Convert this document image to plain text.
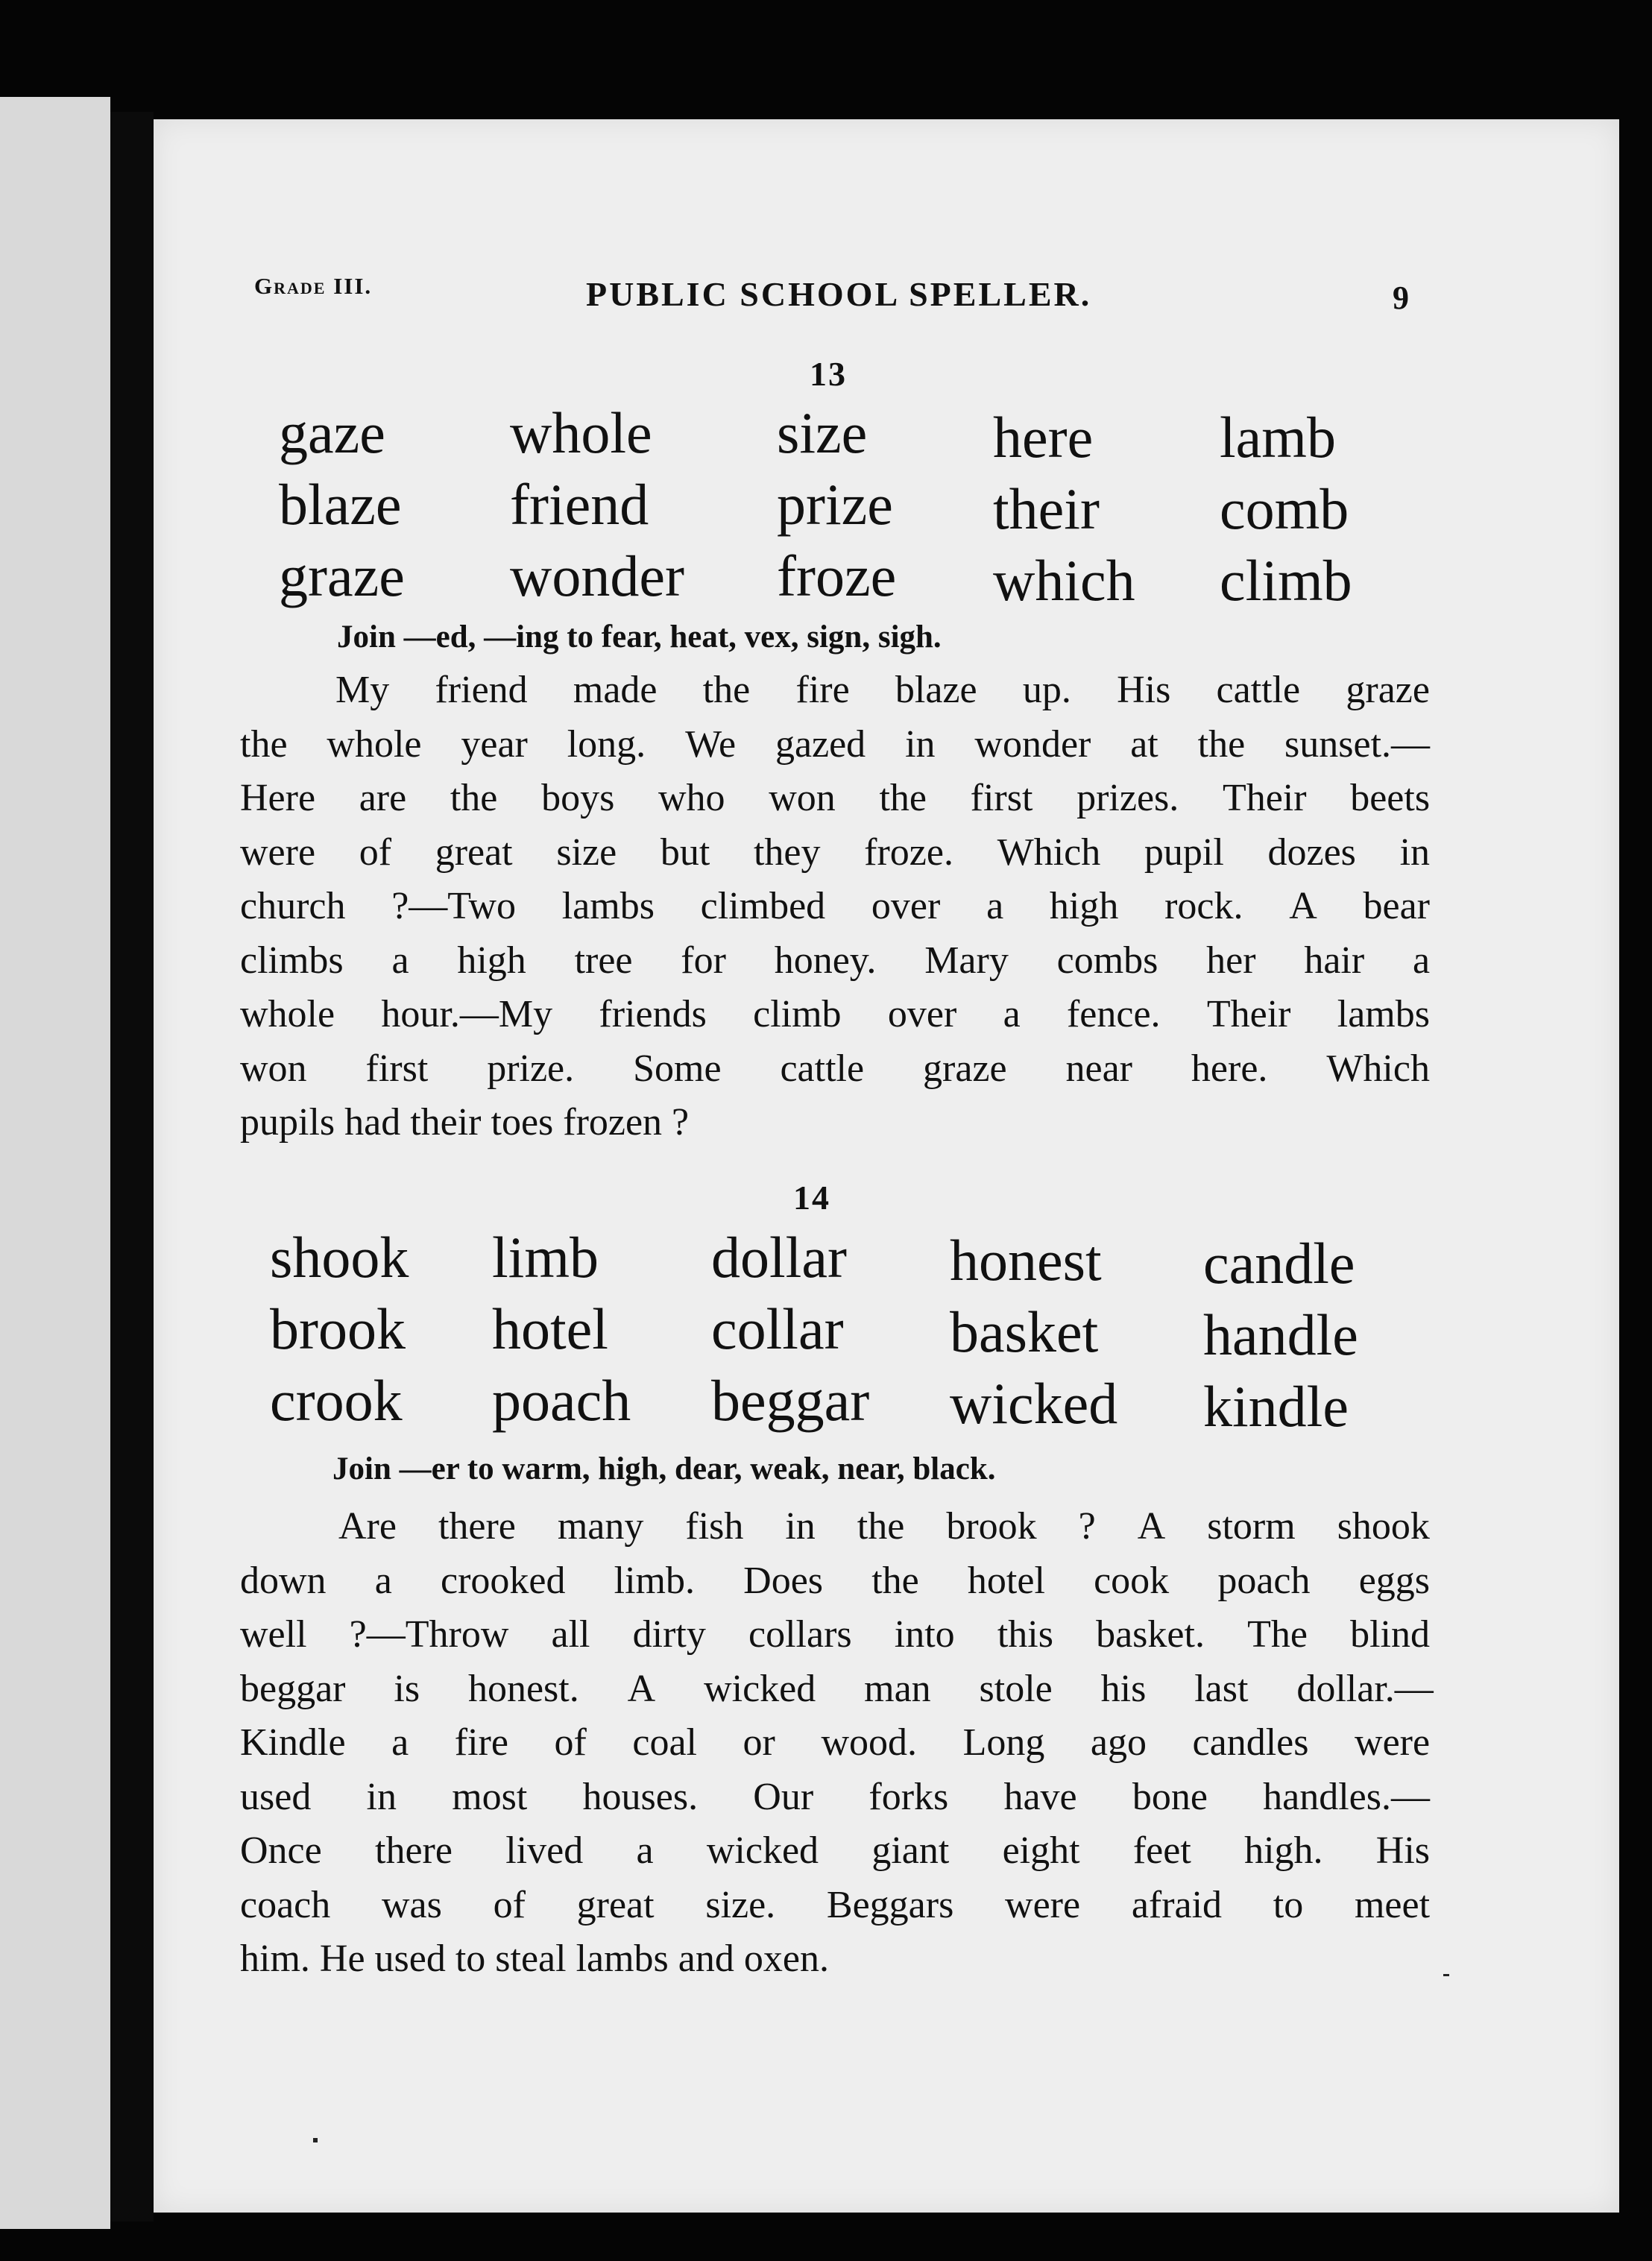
Grade III.	PUBLIC SCHOOL SPELLER.	9
13
gaze
blaze
graze
whole
friend
wonder
size
prize
froze
here
their
which
lamb
comb
climb
Join —ed, —ing to fear, heat, vex, sign, sigh.
My friend made the fire blaze up. His cattle graze
the whole year long. We gazed in wonder at the sunset.—
Here are the boys who won the first prizes. Their beets
were of great size but they froze. Which pupil dozes in
church ?—Two lambs climbed over a high rock. A bear
climbs a high tree for honey. Mary combs her hair a
whole hour.—My friends climb over a fence. Their lambs
won first prize. Some cattle graze near here. Which
pupils had their toes frozen ?
14
shook
brook
crook
limb
hotel
poach
dollar
collar
beggar
honest
basket
wicked
candle
handle
kindle
Join —er to warm, high, dear, weak, near, black.
Are there many fish in the brook ? A storm shook
down a crooked limb. Does the hotel cook poach eggs
well ?—Throw all dirty collars into this basket. The blind
beggar is honest. A wicked man stole his last dollar.—
Kindle a fire of coal or wood. Long ago candles were
used in most houses. Our forks have bone handles.—
Once there lived a wicked giant eight feet high. His
coach was of great size. Beggars were afraid to meet
him. He used to steal lambs and oxen.
